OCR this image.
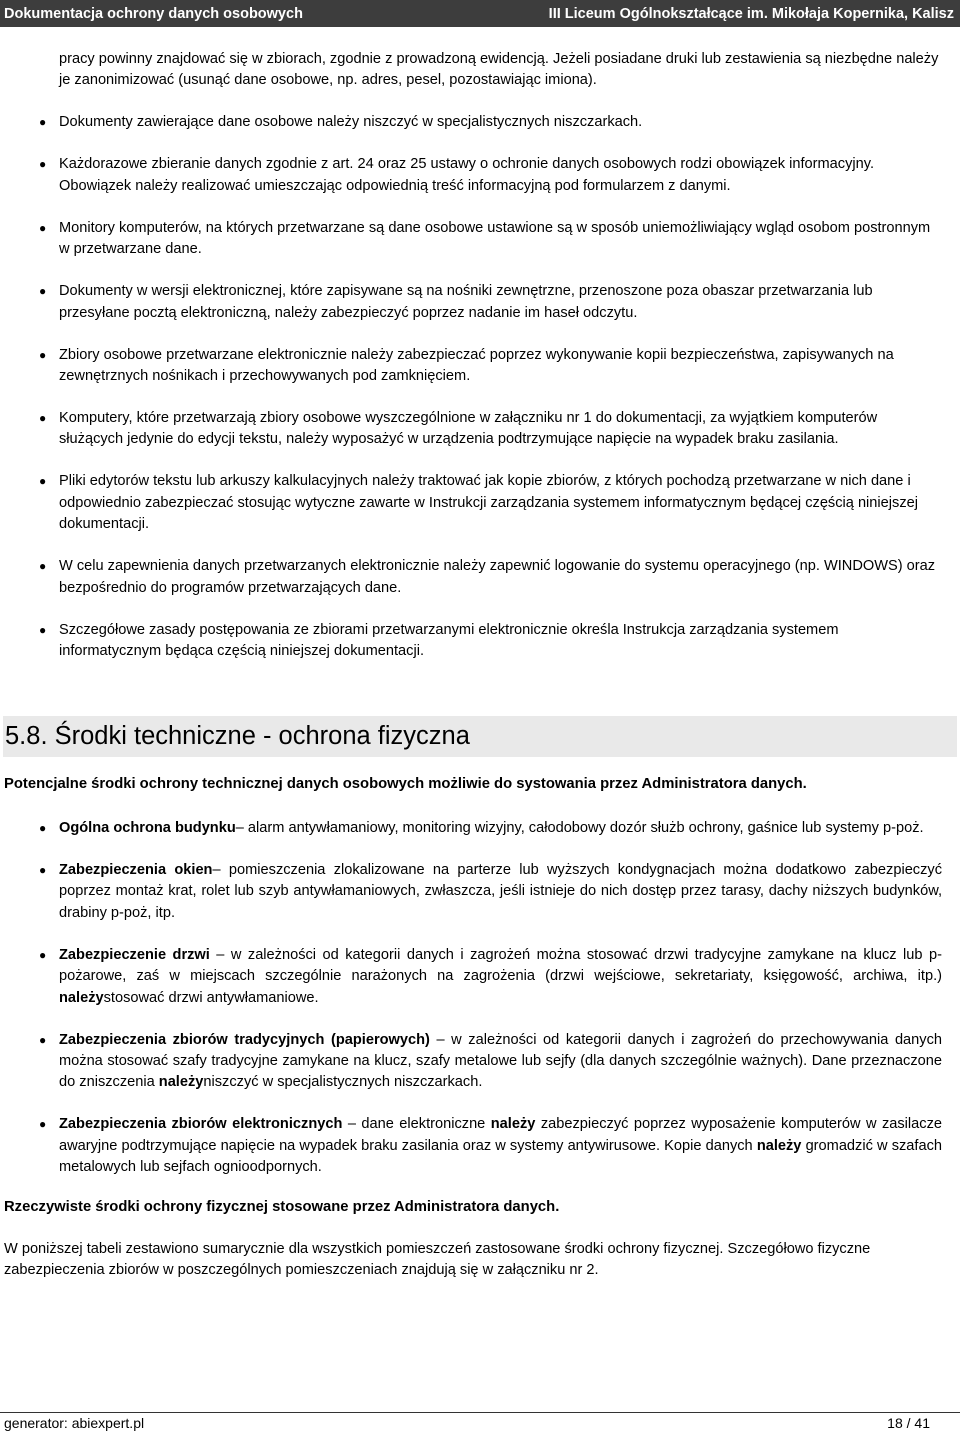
Dokumentacja ochrony danych osobowych	III Liceum Ogólnokształcące im. Mikołaja Kopernika, Kalisz
pracy powinny znajdować się w zbiorach, zgodnie z prowadzoną ewidencją. Jeżeli posiadane druki lub zestawienia są niezbędne należy je zanonimizować (usunąć dane osobowe, np. adres, pesel, pozostawiając imiona).
● Dokumenty zawierające dane osobowe należy niszczyć w specjalistycznych niszczarkach.
● Każdorazowe zbieranie danych zgodnie z art. 24 oraz 25 ustawy o ochronie danych osobowych rodzi obowiązek informacyjny. Obowiązek należy realizować umieszczając odpowiednią treść informacyjną pod formularzem z danymi.
● Monitory komputerów, na których przetwarzane są dane osobowe ustawione są w sposób uniemożliwiający wgląd osobom postronnym w przetwarzane dane.
● Dokumenty w wersji elektronicznej, które zapisywane są na nośniki zewnętrzne, przenoszone poza obaszar przetwarzania lub przesyłane pocztą elektroniczną, należy zabezpieczyć poprzez nadanie im haseł odczytu.
● Zbiory osobowe przetwarzane elektronicznie należy zabezpieczać poprzez wykonywanie kopii bezpieczeństwa, zapisywanych na zewnętrznych nośnikach i przechowywanych pod zamknięciem.
● Komputery, które przetwarzają zbiory osobowe wyszczególnione w załączniku nr 1 do dokumentacji, za wyjątkiem komputerów służących jedynie do edycji tekstu, należy wyposażyć w urządzenia podtrzymujące napięcie na wypadek braku zasilania.
● Pliki edytorów tekstu lub arkuszy kalkulacyjnych należy traktować jak kopie zbiorów, z których pochodzą przetwarzane w nich dane i odpowiednio zabezpieczać stosując wytyczne zawarte w Instrukcji zarządzania systemem informatycznym będącej częścią niniejszej dokumentacji.
● W celu zapewnienia danych przetwarzanych elektronicznie należy zapewnić logowanie do systemu operacyjnego (np. WINDOWS) oraz bezpośrednio do programów przetwarzających dane.
● Szczegółowe zasady postępowania ze zbiorami przetwarzanymi elektronicznie określa Instrukcja zarządzania systemem informatycznym będąca częścią niniejszej dokumentacji.
5.8. Środki techniczne - ochrona fizyczna
Potencjalne środki ochrony technicznej danych osobowych możliwie do systowania przez Administratora danych.
● Ogólna ochrona budynku– alarm antywłamaniowy, monitoring wizyjny, całodobowy dozór służb ochrony, gaśnice lub systemy p-poż.
● Zabezpieczenia okien– pomieszczenia zlokalizowane na parterze lub wyższych kondygnacjach można dodatkowo zabezpieczyć poprzez montaż krat, rolet lub szyb antywłamaniowych, zwłaszcza, jeśli istnieje do nich dostęp przez tarasy, dachy niższych budynków, drabiny p-poż, itp.
● Zabezpieczenie drzwi – w zależności od kategorii danych i zagrożeń można stosować drzwi tradycyjne zamykane na klucz lub p-pożarowe, zaś w miejscach szczególnie narażonych na zagrożenia (drzwi wejściowe, sekretariaty, księgowość, archiwa, itp.) należystosować drzwi antywłamaniowe.
● Zabezpieczenia zbiorów tradycyjnych (papierowych) – w zależności od kategorii danych i zagrożeń do przechowywania danych można stosować szafy tradycyjne zamykane na klucz, szafy metalowe lub sejfy (dla danych szczególnie ważnych). Dane przeznaczone do zniszczenia należyniszczyć w specjalistycznych niszczarkach.
● Zabezpieczenia zbiorów elektronicznych – dane elektroniczne należy zabezpieczyć poprzez wyposażenie komputerów w zasilacze awaryjne podtrzymujące napięcie na wypadek braku zasilania oraz w systemy antywirusowe. Kopie danych należy gromadzić w szafach metalowych lub sejfach ognioodpornych.
Rzeczywiste środki ochrony fizycznej stosowane przez Administratora danych.

W poniższej tabeli zestawiono sumarycznie dla wszystkich pomieszczeń zastosowane środki ochrony fizycznej. Szczegółowo fizyczne zabezpieczenia zbiorów w poszczególnych pomieszczeniach znajdują się w załączniku nr 2.

generator: abiexpert.pl	18 / 41
